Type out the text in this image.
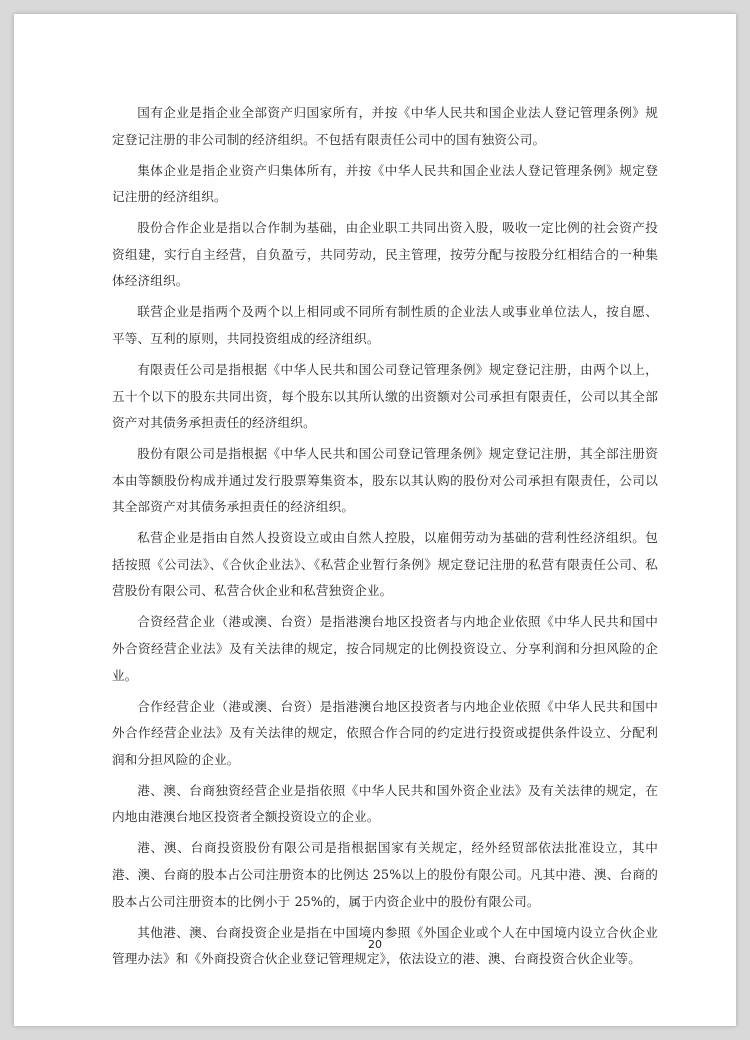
国有企业是指企业全部资产归国家所有，并按《中华人民共和国企业法人登记管理条例》规定登记注册的非公司制的经济组织。不包括有限责任公司中的国有独资公司。

集体企业是指企业资产归集体所有，并按《中华人民共和国企业法人登记管理条例》规定登记注册的经济组织。

股份合作企业是指以合作制为基础，由企业职工共同出资入股，吸收一定比例的社会资产投资组建，实行自主经营，自负盈亏，共同劳动，民主管理，按劳分配与按股分红相结合的一种集体经济组织。

联营企业是指两个及两个以上相同或不同所有制性质的企业法人或事业单位法人，按自愿、平等、互利的原则，共同投资组成的经济组织。

有限责任公司是指根据《中华人民共和国公司登记管理条例》规定登记注册，由两个以上，五十个以下的股东共同出资，每个股东以其所认缴的出资额对公司承担有限责任，公司以其全部资产对其债务承担责任的经济组织。

股份有限公司是指根据《中华人民共和国公司登记管理条例》规定登记注册，其全部注册资本由等额股份构成并通过发行股票筹集资本，股东以其认购的股份对公司承担有限责任，公司以其全部资产对其债务承担责任的经济组织。

私营企业是指由自然人投资设立或由自然人控股，以雇佣劳动为基础的营利性经济组织。包括按照《公司法》、《合伙企业法》、《私营企业暂行条例》规定登记注册的私营有限责任公司、私营股份有限公司、私营合伙企业和私营独资企业。

合资经营企业（港或澳、台资）是指港澳台地区投资者与内地企业依照《中华人民共和国中外合资经营企业法》及有关法律的规定，按合同规定的比例投资设立、分享利润和分担风险的企业。

合作经营企业（港或澳、台资）是指港澳台地区投资者与内地企业依照《中华人民共和国中外合作经营企业法》及有关法律的规定，依照合作合同的约定进行投资或提供条件设立、分配利润和分担风险的企业。

港、澳、台商独资经营企业是指依照《中华人民共和国外资企业法》及有关法律的规定，在内地由港澳台地区投资者全额投资设立的企业。

港、澳、台商投资股份有限公司是指根据国家有关规定，经外经贸部依法批准设立，其中港、澳、台商的股本占公司注册资本的比例达 25%以上的股份有限公司。凡其中港、澳、台商的股本占公司注册资本的比例小于 25%的，属于内资企业中的股份有限公司。

其他港、澳、台商投资企业是指在中国境内参照《外国企业或个人在中国境内设立合伙企业管理办法》和《外商投资合伙企业登记管理规定》，依法设立的港、澳、台商投资合伙企业等。

20
